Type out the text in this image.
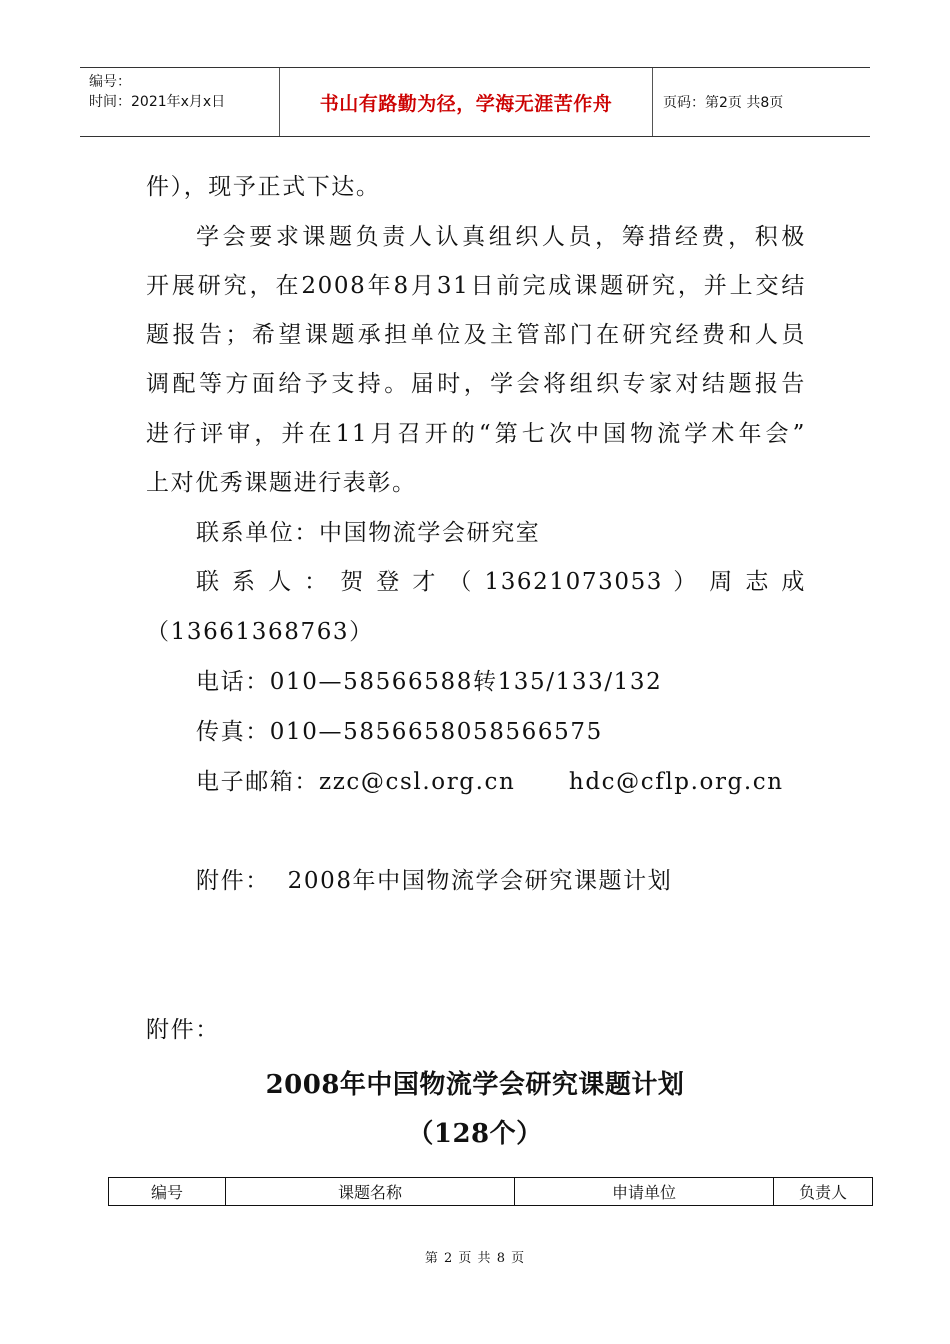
编号：
时间：2021年x月x日	书山有路勤为径，学海无涯苦作舟	页码：第2页 共8页
件），现予正式下达。
学会要求课题负责人认真组织人员，筹措经费，积极
开展研究，在2008年8月31日前完成课题研究，并上交结
题报告；希望课题承担单位及主管部门在研究经费和人员
调配等方面给予支持。届时，学会将组织专家对结题报告
进行评审，并在11月召开的“第七次中国物流学术年会”
上对优秀课题进行表彰。
联系单位：中国物流学会研究室
联 系 人 ： 贺 登 才 （ 13621073053 ） 周 志 成
（13661368763）
电话：010—58566588转135/133/132
传真：010—5856658058566575
电子邮箱：zzc@csl.org.cn      hdc@cflp.org.cn
附件：  2008年中国物流学会研究课题计划
附件：
2008年中国物流学会研究课题计划
（128个）
编号	课题名称	申请单位	负责人
第 2 页 共 8 页
